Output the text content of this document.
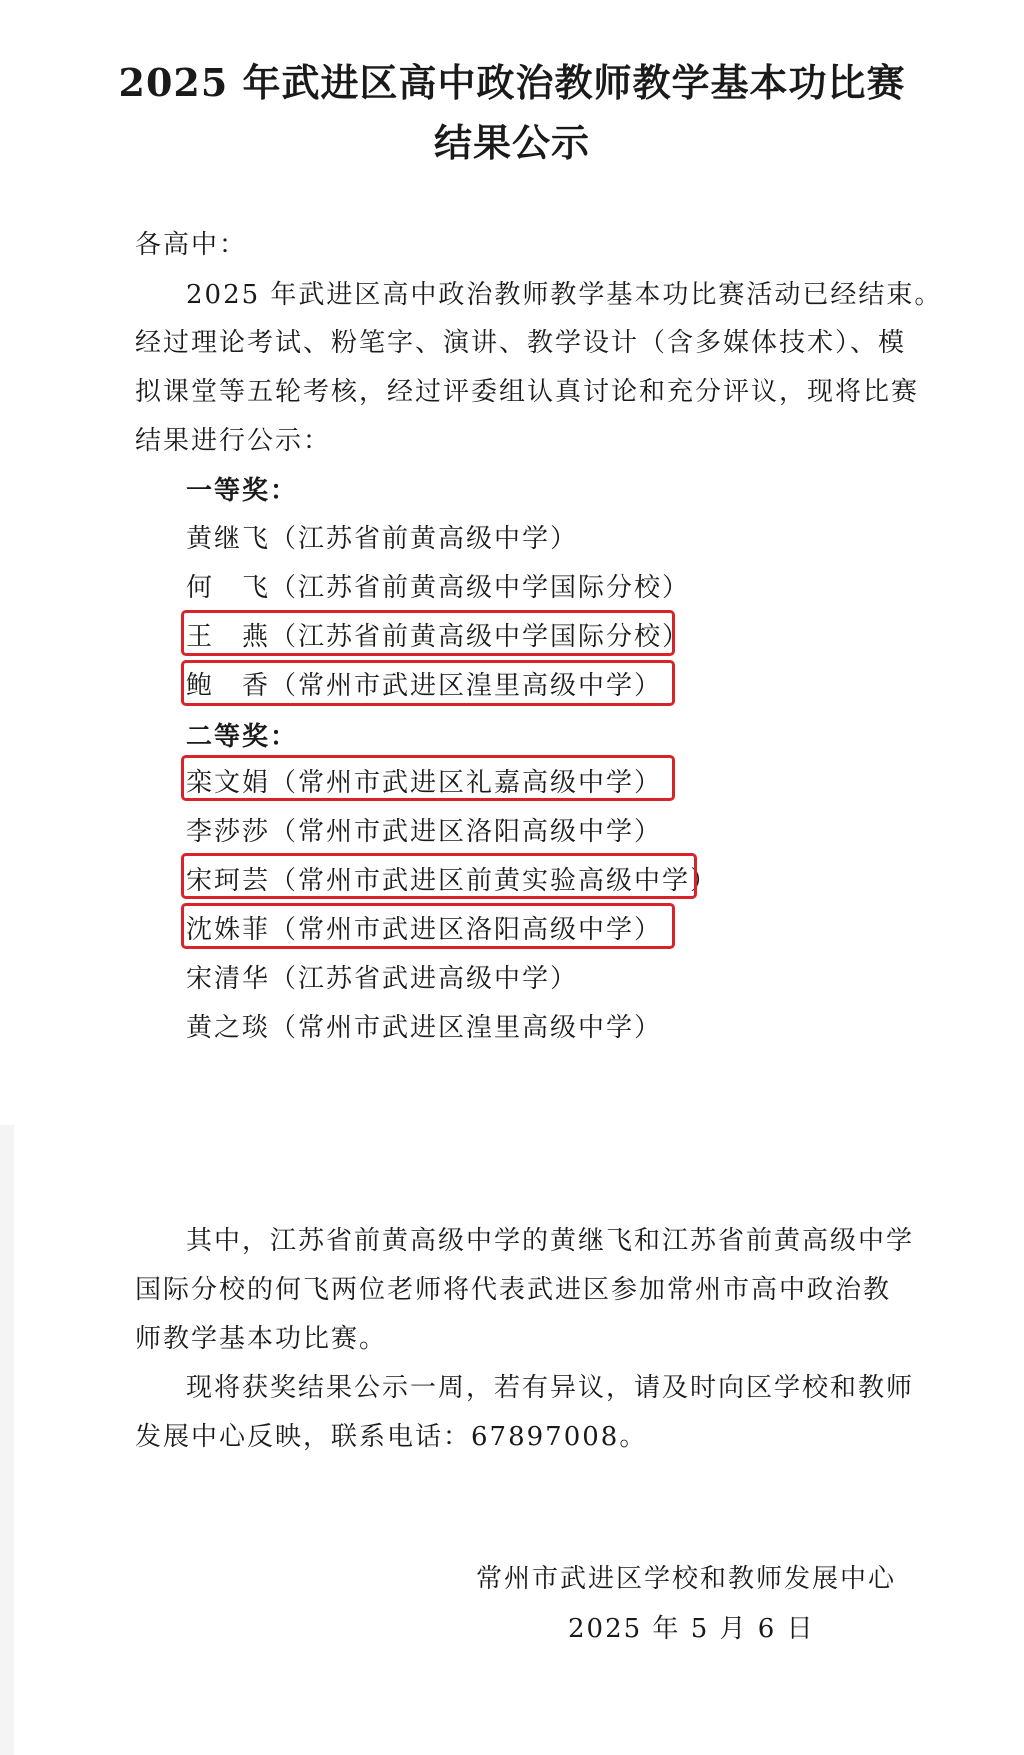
2025 年武进区高中政治教师教学基本功比赛
结果公示
各高中：
2025 年武进区高中政治教师教学基本功比赛活动已经结束。
经过理论考试、粉笔字、演讲、教学设计（含多媒体技术）、模
拟课堂等五轮考核，经过评委组认真讨论和充分评议，现将比赛
结果进行公示：
一等奖：
黄继飞（江苏省前黄高级中学）
何　飞（江苏省前黄高级中学国际分校）
王　燕（江苏省前黄高级中学国际分校）
鲍　香（常州市武进区湟里高级中学）
二等奖：
栾文娟（常州市武进区礼嘉高级中学）
李莎莎（常州市武进区洛阳高级中学）
宋珂芸（常州市武进区前黄实验高级中学）
沈姝菲（常州市武进区洛阳高级中学）
宋清华（江苏省武进高级中学）
黄之琰（常州市武进区湟里高级中学）
其中，江苏省前黄高级中学的黄继飞和江苏省前黄高级中学
国际分校的何飞两位老师将代表武进区参加常州市高中政治教
师教学基本功比赛。
现将获奖结果公示一周，若有异议，请及时向区学校和教师
发展中心反映，联系电话：67897008。
常州市武进区学校和教师发展中心
2025 年 5 月 6 日
